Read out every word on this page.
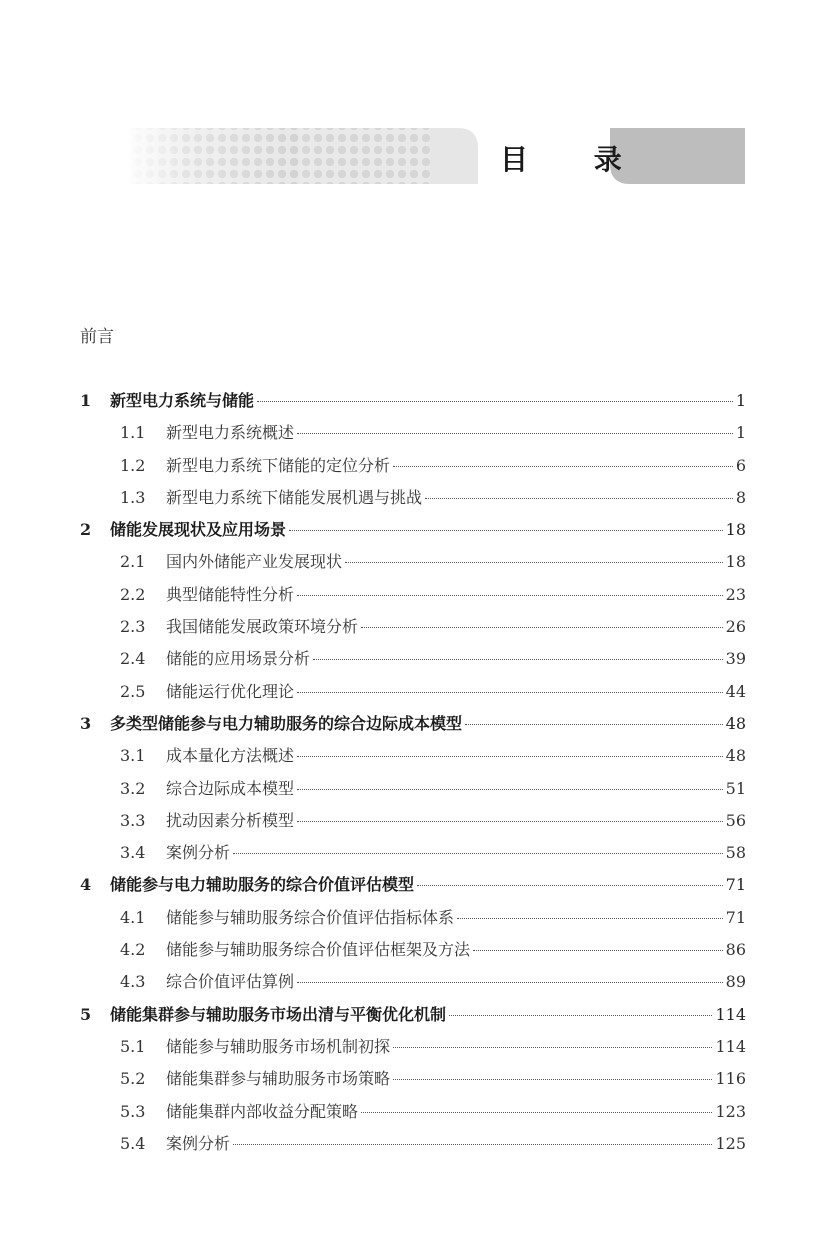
目 录
前言
1	新型电力系统与储能	1
1.1	新型电力系统概述	1
1.2	新型电力系统下储能的定位分析	6
1.3	新型电力系统下储能发展机遇与挑战	8
2	储能发展现状及应用场景	18
2.1	国内外储能产业发展现状	18
2.2	典型储能特性分析	23
2.3	我国储能发展政策环境分析	26
2.4	储能的应用场景分析	39
2.5	储能运行优化理论	44
3	多类型储能参与电力辅助服务的综合边际成本模型	48
3.1	成本量化方法概述	48
3.2	综合边际成本模型	51
3.3	扰动因素分析模型	56
3.4	案例分析	58
4	储能参与电力辅助服务的综合价值评估模型	71
4.1	储能参与辅助服务综合价值评估指标体系	71
4.2	储能参与辅助服务综合价值评估框架及方法	86
4.3	综合价值评估算例	89
5	储能集群参与辅助服务市场出清与平衡优化机制	114
5.1	储能参与辅助服务市场机制初探	114
5.2	储能集群参与辅助服务市场策略	116
5.3	储能集群内部收益分配策略	123
5.4	案例分析	125
